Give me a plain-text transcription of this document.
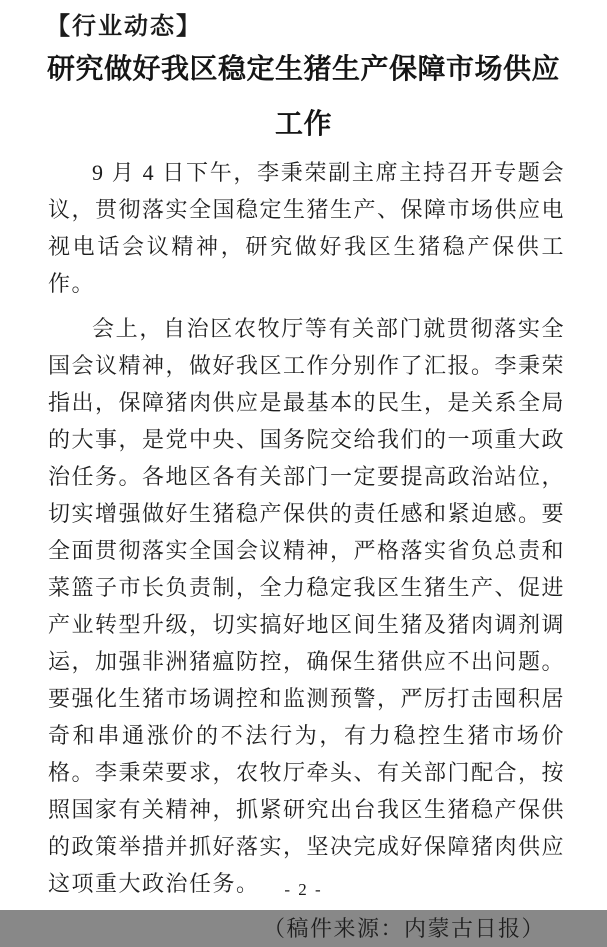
【行业动态】
研究做好我区稳定生猪生产保障市场供应
工作

9 月 4 日下午，李秉荣副主席主持召开专题会议，贯彻落实全国稳定生猪生产、保障市场供应电视电话会议精神，研究做好我区生猪稳产保供工作。

会上，自治区农牧厅等有关部门就贯彻落实全国会议精神，做好我区工作分别作了汇报。李秉荣指出，保障猪肉供应是最基本的民生，是关系全局的大事，是党中央、国务院交给我们的一项重大政治任务。各地区各有关部门一定要提高政治站位，切实增强做好生猪稳产保供的责任感和紧迫感。要全面贯彻落实全国会议精神，严格落实省负总责和菜篮子市长负责制，全力稳定我区生猪生产、促进产业转型升级，切实搞好地区间生猪及猪肉调剂调运，加强非洲猪瘟防控，确保生猪供应不出问题。要强化生猪市场调控和监测预警，严厉打击囤积居奇和串通涨价的不法行为，有力稳控生猪市场价格。李秉荣要求，农牧厅牵头、有关部门配合，按照国家有关精神，抓紧研究出台我区生猪稳产保供的政策举措并抓好落实，坚决完成好保障猪肉供应这项重大政治任务。

（稿件来源：内蒙古日报）

- 2 -
